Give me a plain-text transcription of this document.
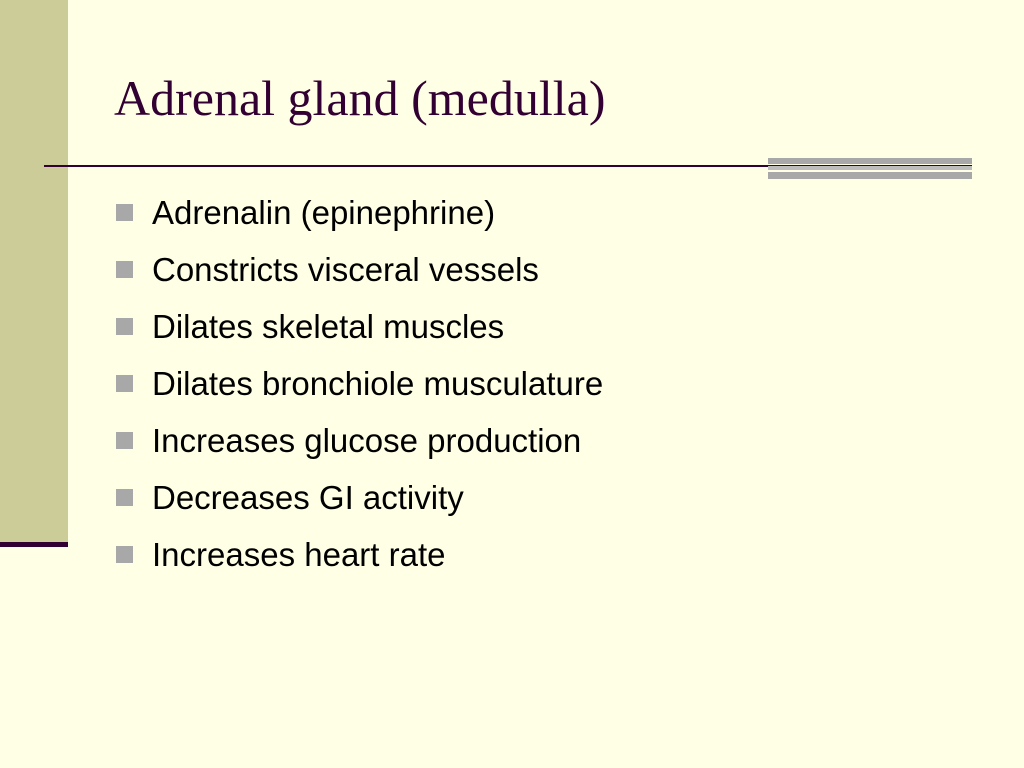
Adrenal gland (medulla)
Adrenalin (epinephrine)
Constricts visceral vessels
Dilates skeletal muscles
Dilates bronchiole musculature
Increases glucose production
Decreases GI activity
Increases heart rate
